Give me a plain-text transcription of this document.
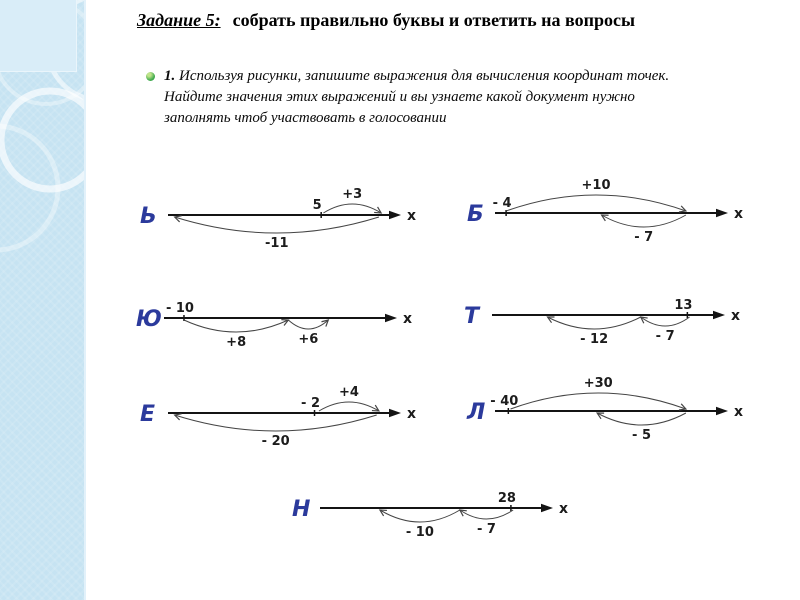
Задание 5: собрать правильно буквы и ответить на вопросы
1. Используя рисунки, запишите выражения для вычисления координат точек.
Найдите значения этих выражений и вы узнаете какой документ нужно
заполнять чтоб участвовать в голосовании
Ь	x
5
+3
-11
Б	x
- 4
+10
- 7
Ю	x
- 10
+8	+6
Т	x
13
- 7
- 12
Е	x
- 2
+4
- 20
Л	x
- 40
+30
- 5
Н	x
28
- 7
- 10
